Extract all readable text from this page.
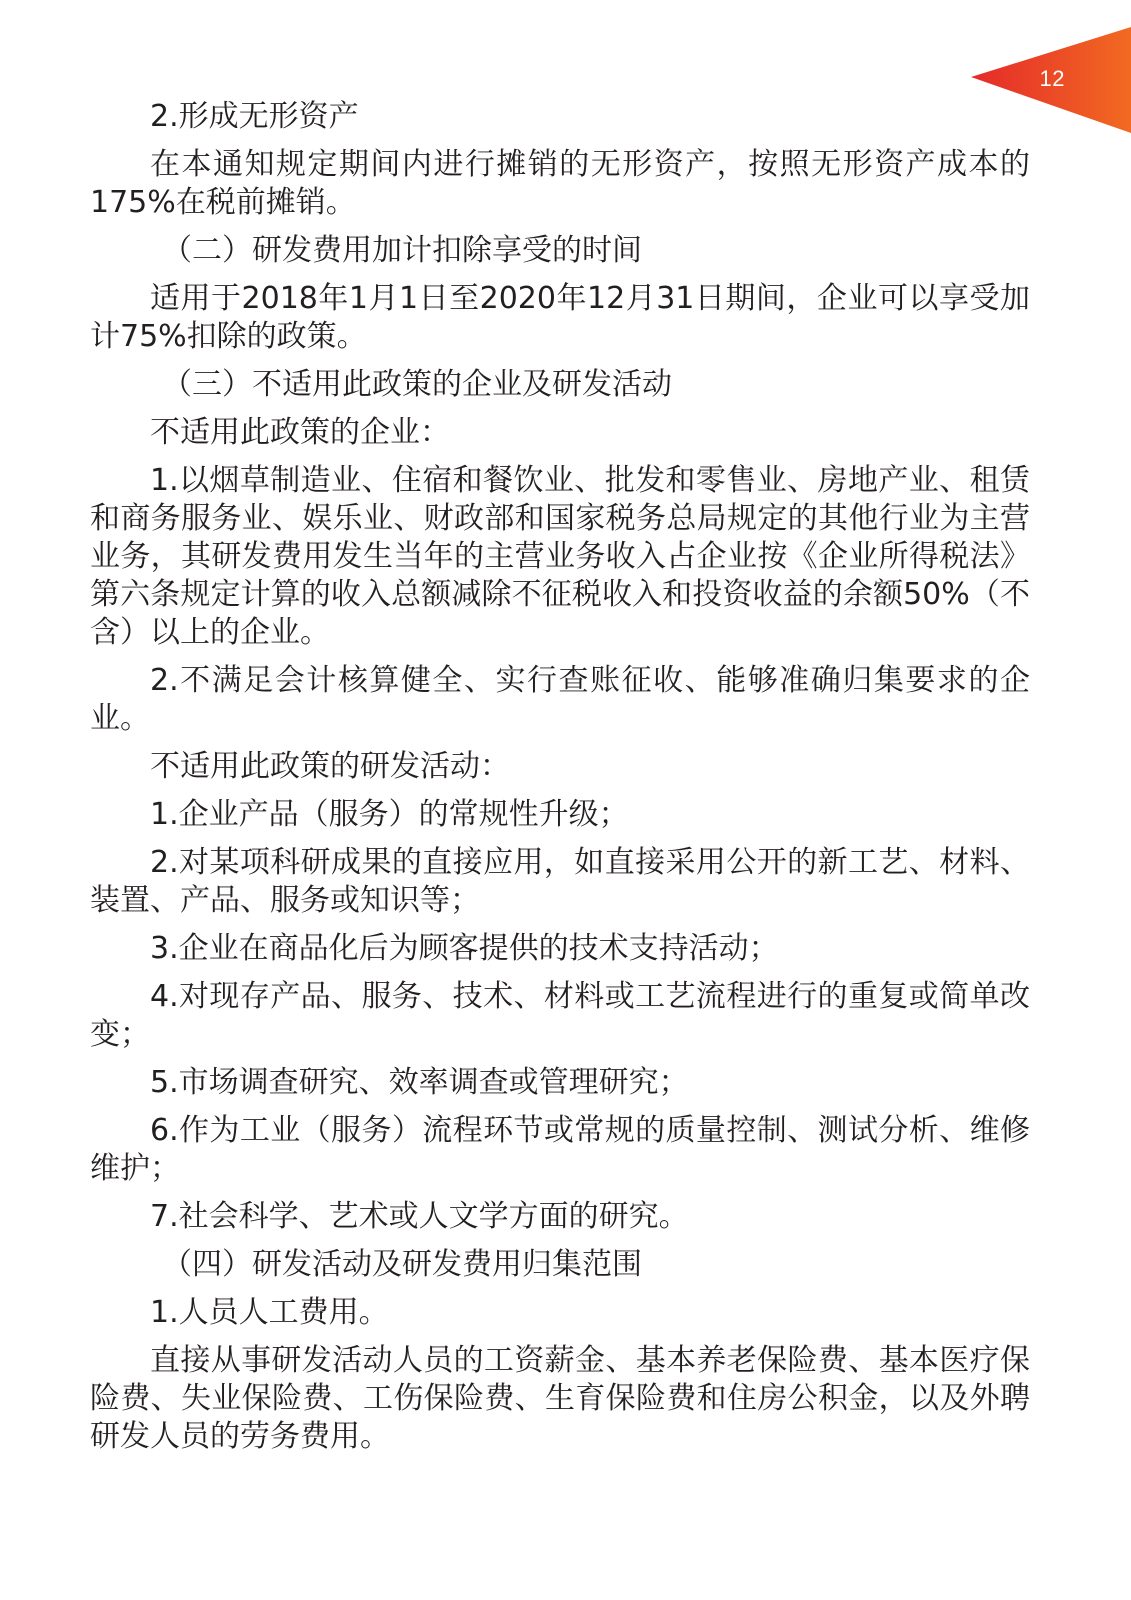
12

2.形成无形资产

在本通知规定期间内进行摊销的无形资产，按照无形资产成本的175%在税前摊销。

（二）研发费用加计扣除享受的时间

适用于2018年1月1日至2020年12月31日期间，企业可以享受加计75%扣除的政策。

（三）不适用此政策的企业及研发活动

不适用此政策的企业：

1.以烟草制造业、住宿和餐饮业、批发和零售业、房地产业、租赁和商务服务业、娱乐业、财政部和国家税务总局规定的其他行业为主营业务，其研发费用发生当年的主营业务收入占企业按《企业所得税法》第六条规定计算的收入总额减除不征税收入和投资收益的余额50%（不含）以上的企业。

2.不满足会计核算健全、实行查账征收、能够准确归集要求的企业。

不适用此政策的研发活动：

1.企业产品（服务）的常规性升级；

2.对某项科研成果的直接应用，如直接采用公开的新工艺、材料、装置、产品、服务或知识等；

3.企业在商品化后为顾客提供的技术支持活动；

4.对现存产品、服务、技术、材料或工艺流程进行的重复或简单改变；

5.市场调查研究、效率调查或管理研究；

6.作为工业（服务）流程环节或常规的质量控制、测试分析、维修维护；

7.社会科学、艺术或人文学方面的研究。

（四）研发活动及研发费用归集范围

1.人员人工费用。

直接从事研发活动人员的工资薪金、基本养老保险费、基本医疗保险费、失业保险费、工伤保险费、生育保险费和住房公积金，以及外聘研发人员的劳务费用。
